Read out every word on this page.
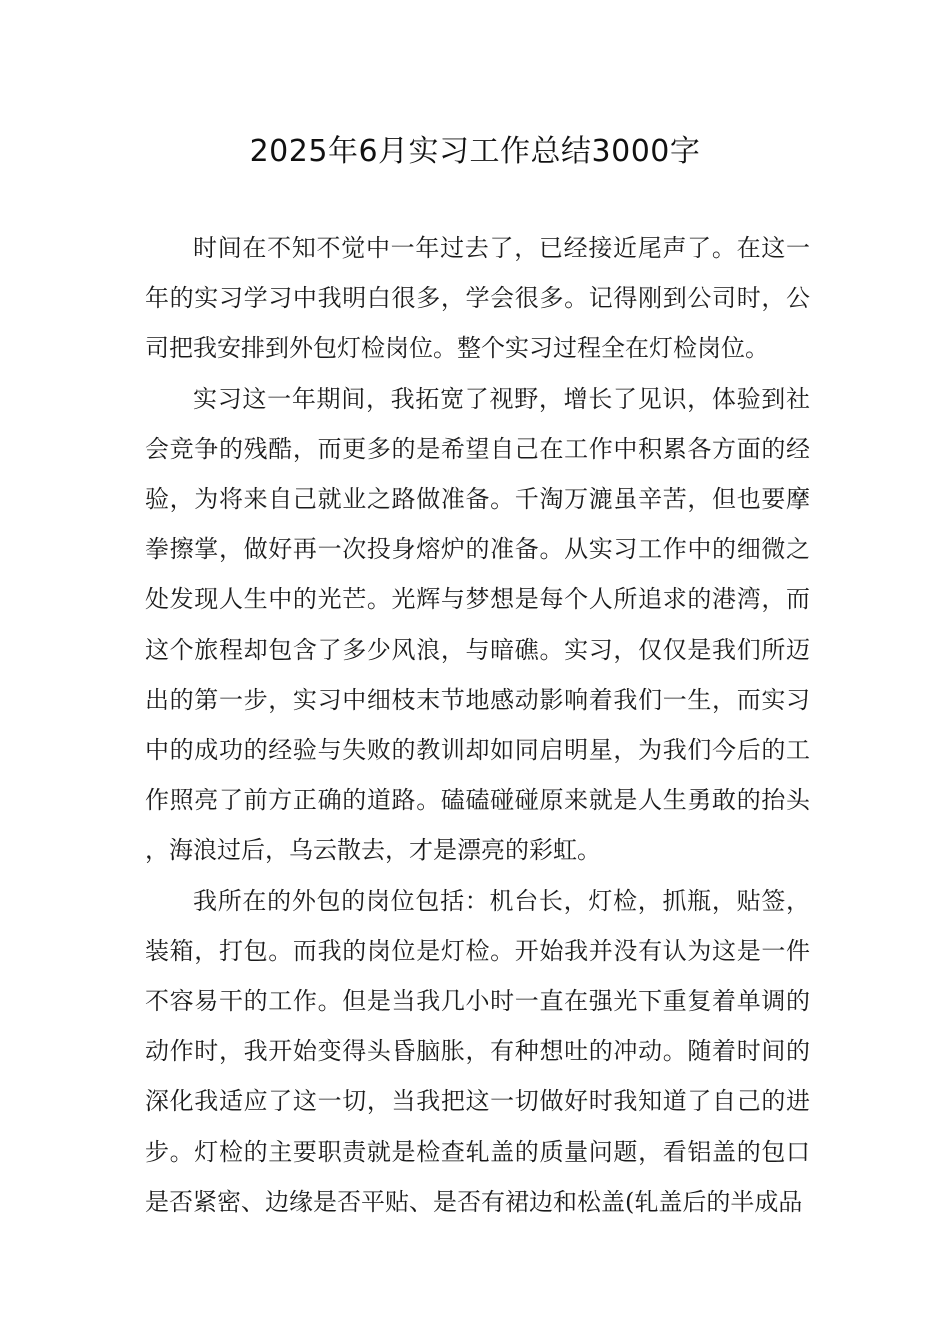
2025年6月实习工作总结3000字

时间在不知不觉中一年过去了，已经接近尾声了。在这一年的实习学习中我明白很多，学会很多。记得刚到公司时，公司把我安排到外包灯检岗位。整个实习过程全在灯检岗位。

实习这一年期间，我拓宽了视野，增长了见识，体验到社会竞争的残酷，而更多的是希望自己在工作中积累各方面的经验，为将来自己就业之路做准备。千淘万漉虽辛苦，但也要摩拳擦掌，做好再一次投身熔炉的准备。从实习工作中的细微之处发现人生中的光芒。光辉与梦想是每个人所追求的港湾，而这个旅程却包含了多少风浪，与暗礁。实习，仅仅是我们所迈出的第一步，实习中细枝末节地感动影响着我们一生，而实习中的成功的经验与失败的教训却如同启明星，为我们今后的工作照亮了前方正确的道路。磕磕碰碰原来就是人生勇敢的抬头，海浪过后，乌云散去，才是漂亮的彩虹。

我所在的外包的岗位包括：机台长，灯检，抓瓶，贴签，装箱，打包。而我的岗位是灯检。开始我并没有认为这是一件不容易干的工作。但是当我几小时一直在强光下重复着单调的动作时，我开始变得头昏脑胀，有种想吐的冲动。随着时间的深化我适应了这一切，当我把这一切做好时我知道了自己的进步。灯检的主要职责就是检查轧盖的质量问题，看铝盖的包口是否紧密、边缘是否平贴、是否有裙边和松盖(轧盖后的半成品
